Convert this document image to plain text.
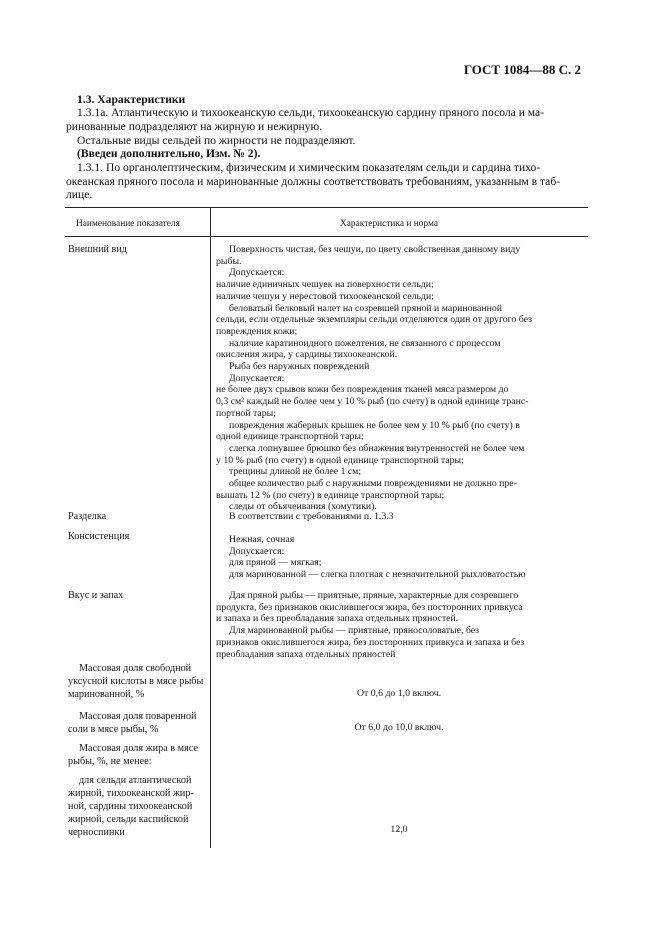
ГОСТ 1084—88 С. 2
1.3. Характеристики
1.3.1а. Атлантическую и тихоокеанскую сельди, тихоокеанскую сардину пряного посола и ма-
ринованные подразделяют на жирную и нежирную.
Остальные виды сельдей по жирности не подразделяют.
(Введен дополнительно, Изм. № 2).
1.3.1. По органолептическим, физическим и химическим показателям сельди и сардина тихо-
океанская пряного посола и маринованные должны соответствовать требованиям, указанным в таб-
лице.
Наименование показателя	Характеристика и норма
Внешний вид	Поверхность чистая, без чешуи, по цвету свойственная данному виду
рыбы.
Допускается:
наличие единичных чешуек на поверхности сельди;
наличие чешуи у нерестовой тихоокеанской сельди;
беловатый белковый налет на созревшей пряной и маринованной
сельди, если отдельные экземпляры сельди отделяются один от другого без
повреждения кожи;
наличие каратиноидного пожелтения, не связанного с процессом
окисления жира, у сардины тихоокеанской.
Рыба без наружных повреждений
Допускается:
не более двух срывов кожи без повреждения тканей мяса размером до
0,3 см² каждый не более чем у 10 % рыб (по счету) в одной единице транс-
портной тары;
повреждения жаберных крышек не более чем у 10 % рыб (по счету) в
одной единице транспортной тары;
слегка лопнувшее брюшко без обнажения внутренностей не более чем
у 10 % рыб (по счету) в одной единице транспортной тары;
трещины длиной не более 1 см;
общее количество рыб с наружными повреждениями не должно пре-
вышать 12 % (по счету) в единице транспортной тары;
следы от объячеивания (хомутики).
Разделка	В соответствии с требованиями п. 1.3.3
Консистенция	Нежная, сочная
Допускается:
для пряной — мягкая;
для маринованной — слегка плотная с незначительной рыхловатостью
Вкус и запах	Для пряной рыбы — приятные, пряные, характерные для созревшего
продукта, без признаков окислившегося жира, без посторонних привкуса
и запаха и без преобладания запаха отдельных пряностей.
Для маринованной рыбы — приятные, пряносоловатые, без
признаков окислившегося жира, без посторонних привкуса и запаха и без
преобладания запаха отдельных пряностей
Массовая доля свободной
уксусной кислоты в мясе рыбы
маринованной, %	От 0,6 до 1,0 включ.
Массовая доля поваренной
соли в мясе рыбы, %	От 6,0 до 10,0 включ.
Массовая доля жира в мясе
рыбы, %, не менее:
для сельди атлантической
жирной, тихоокеанской жир-
ной, сардины тихоокеанской
жирной, сельди каспийской
черноспинки	12,0
